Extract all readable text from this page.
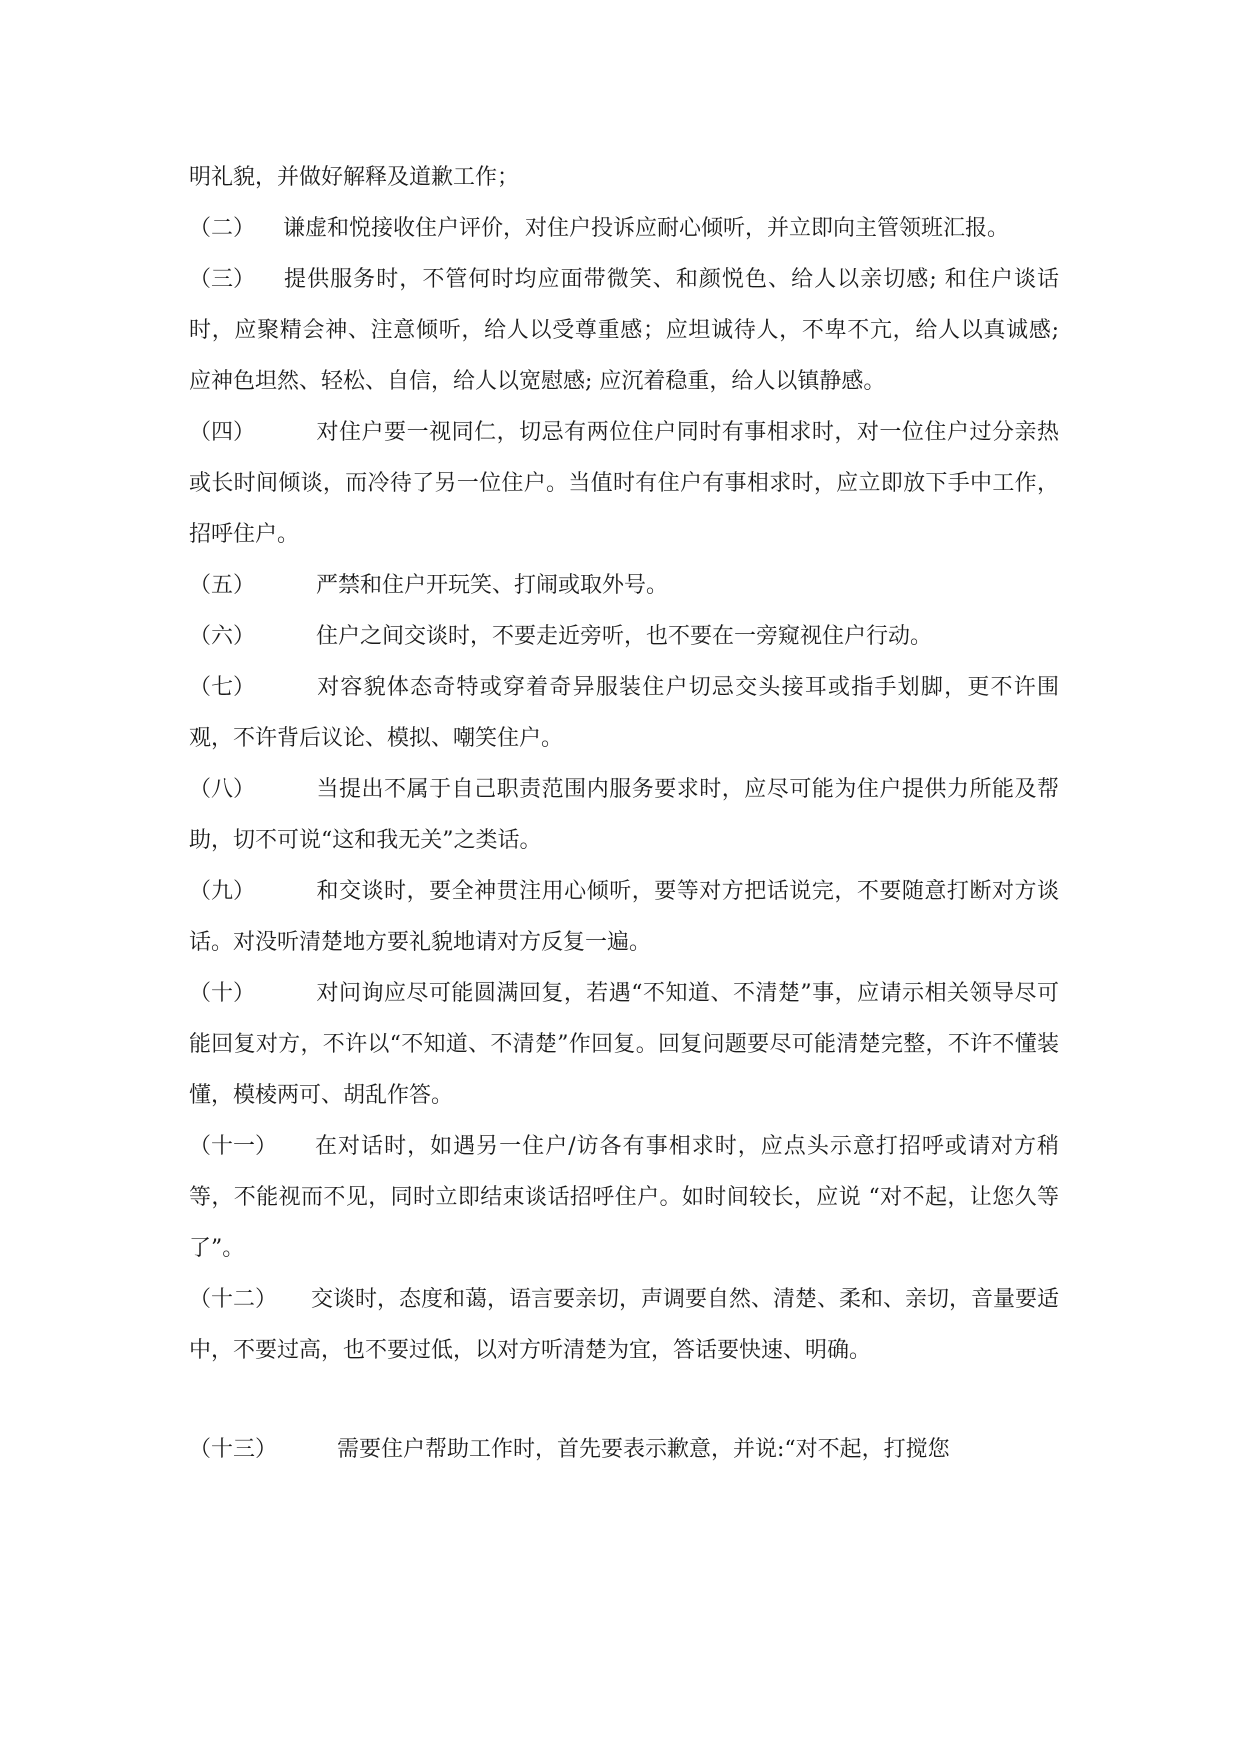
明礼貌，并做好解释及道歉工作；

（二） 谦虚和悦接收住户评价，对住户投诉应耐心倾听，并立即向主管领班汇报。

（三） 提供服务时，不管何时均应面带微笑、和颜悦色、给人以亲切感; 和住户谈话时，应聚精会神、注意倾听，给人以受尊重感；应坦诚待人，不卑不亢，给人以真诚感; 应神色坦然、轻松、自信，给人以宽慰感; 应沉着稳重，给人以镇静感。

（四）	对住户要一视同仁，切忌有两位住户同时有事相求时，对一位住户过分亲热或长时间倾谈，而冷待了另一位住户。当值时有住户有事相求时，应立即放下手中工作，招呼住户。

（五）	严禁和住户开玩笑、打闹或取外号。

（六）	住户之间交谈时，不要走近旁听，也不要在一旁窥视住户行动。

（七）	对容貌体态奇特或穿着奇异服装住户切忌交头接耳或指手划脚，更不许围观，不许背后议论、模拟、嘲笑住户。

（八）	当提出不属于自己职责范围内服务要求时，应尽可能为住户提供力所能及帮助，切不可说“这和我无关”之类话。

（九）	和交谈时，要全神贯注用心倾听，要等对方把话说完，不要随意打断对方谈话。对没听清楚地方要礼貌地请对方反复一遍。

（十）	对问询应尽可能圆满回复，若遇“不知道、不清楚”事，应请示相关领导尽可能回复对方，不许以“不知道、不清楚”作回复。回复问题要尽可能清楚完整，不许不懂装懂，模棱两可、胡乱作答。

（十一） 在对话时，如遇另一住户/访各有事相求时，应点头示意打招呼或请对方稍等，不能视而不见，同时立即结束谈话招呼住户。如时间较长，应说 “对不起，让您久等了”。

（十二） 交谈时，态度和蔼，语言要亲切，声调要自然、清楚、柔和、亲切，音量要适中，不要过高，也不要过低，以对方听清楚为宜，答话要快速、明确。

（十三）	需要住户帮助工作时，首先要表示歉意，并说:“对不起，打搅您
